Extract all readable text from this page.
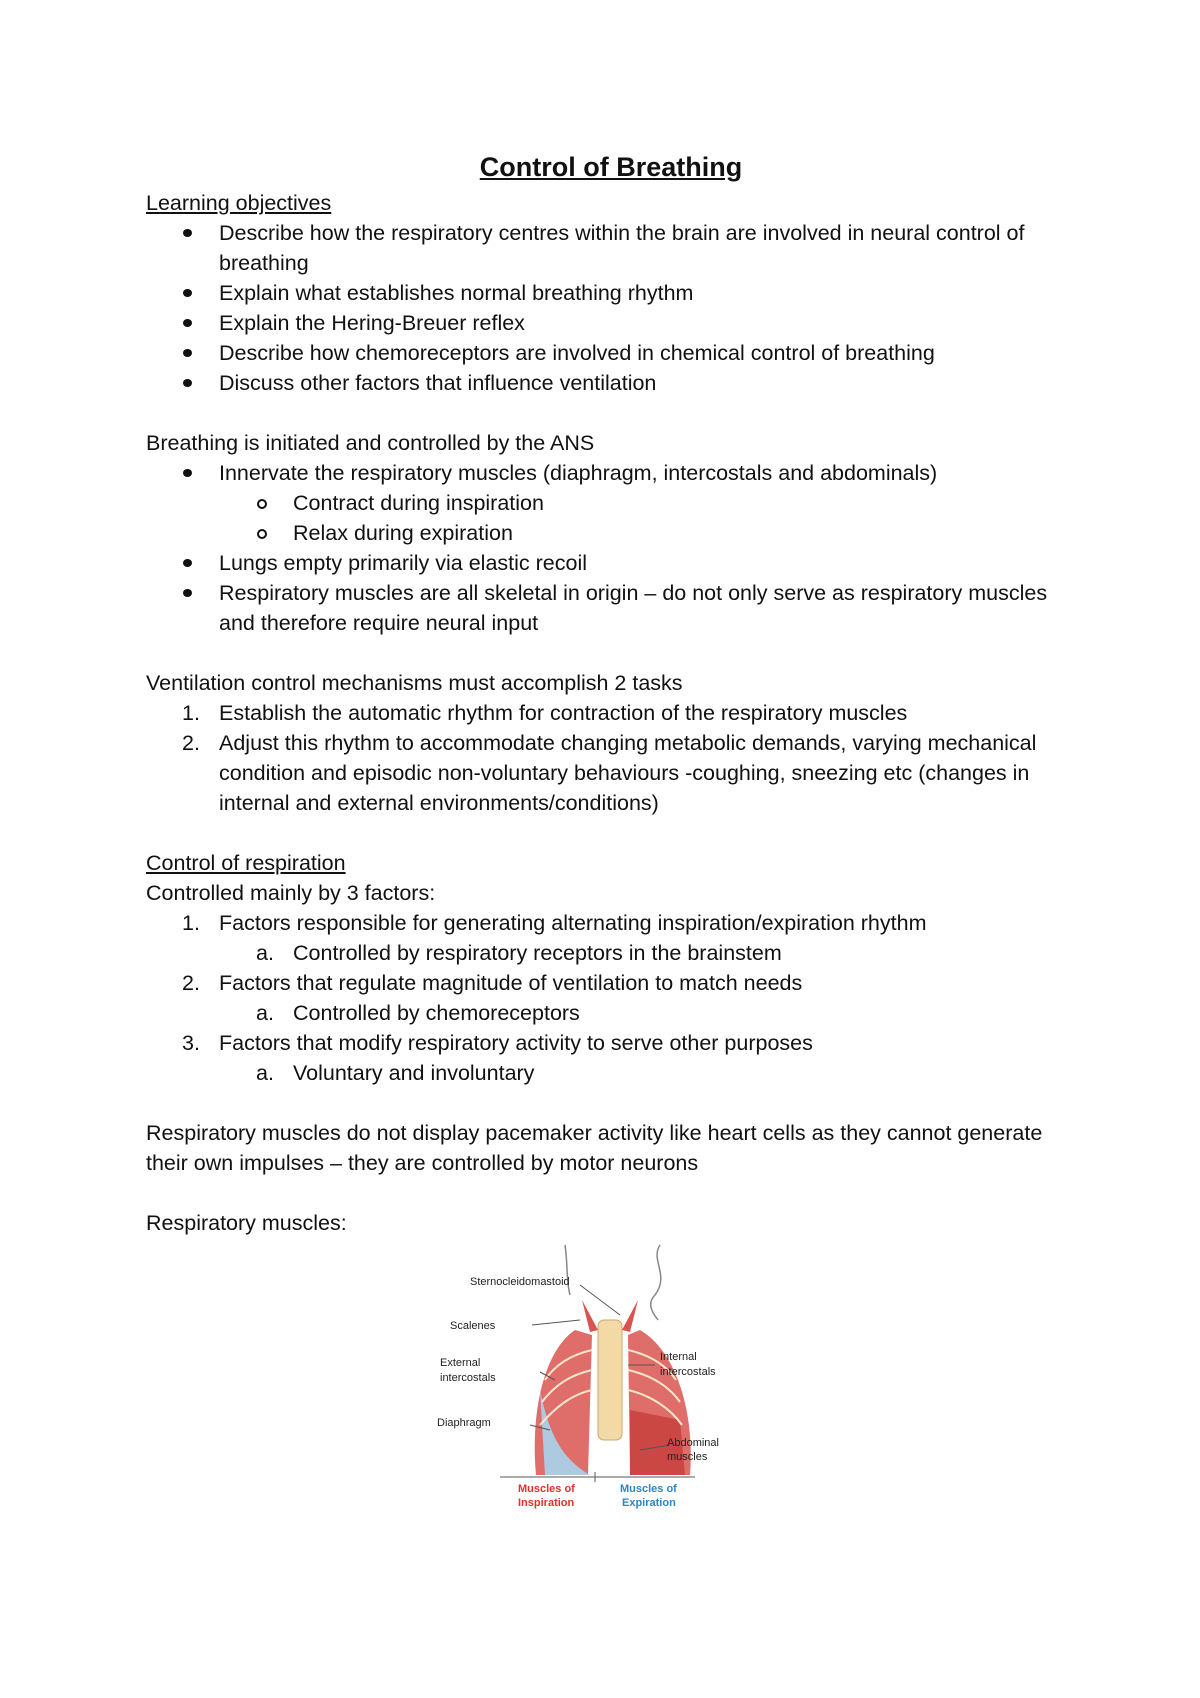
Control of Breathing

Learning objectives

Describe how the respiratory centres within the brain are involved in neural control of breathing
Explain what establishes normal breathing rhythm
Explain the Hering-Breuer reflex
Describe how chemoreceptors are involved in chemical control of breathing
Discuss other factors that influence ventilation

Breathing is initiated and controlled by the ANS

Innervate the respiratory muscles (diaphragm, intercostals and abdominals)
Contract during inspiration
Relax during expiration
Lungs empty primarily via elastic recoil
Respiratory muscles are all skeletal in origin – do not only serve as respiratory muscles and therefore require neural input

Ventilation control mechanisms must accomplish 2 tasks

1. Establish the automatic rhythm for contraction of the respiratory muscles
2. Adjust this rhythm to accommodate changing metabolic demands, varying mechanical condition and episodic non-voluntary behaviours -coughing, sneezing etc (changes in internal and external environments/conditions)

Control of respiration

Controlled mainly by 3 factors:

1. Factors responsible for generating alternating inspiration/expiration rhythm
a. Controlled by respiratory receptors in the brainstem
2. Factors that regulate magnitude of ventilation to match needs
a. Controlled by chemoreceptors
3. Factors that modify respiratory activity to serve other purposes
a. Voluntary and involuntary

Respiratory muscles do not display pacemaker activity like heart cells as they cannot generate their own impulses – they are controlled by motor neurons

Respiratory muscles:

Sternocleidomastoid
Scalenes
External
intercostals
Internal
intercostals
Diaphragm
Abdominal
muscles
Muscles of
Inspiration
Muscles of
Expiration
